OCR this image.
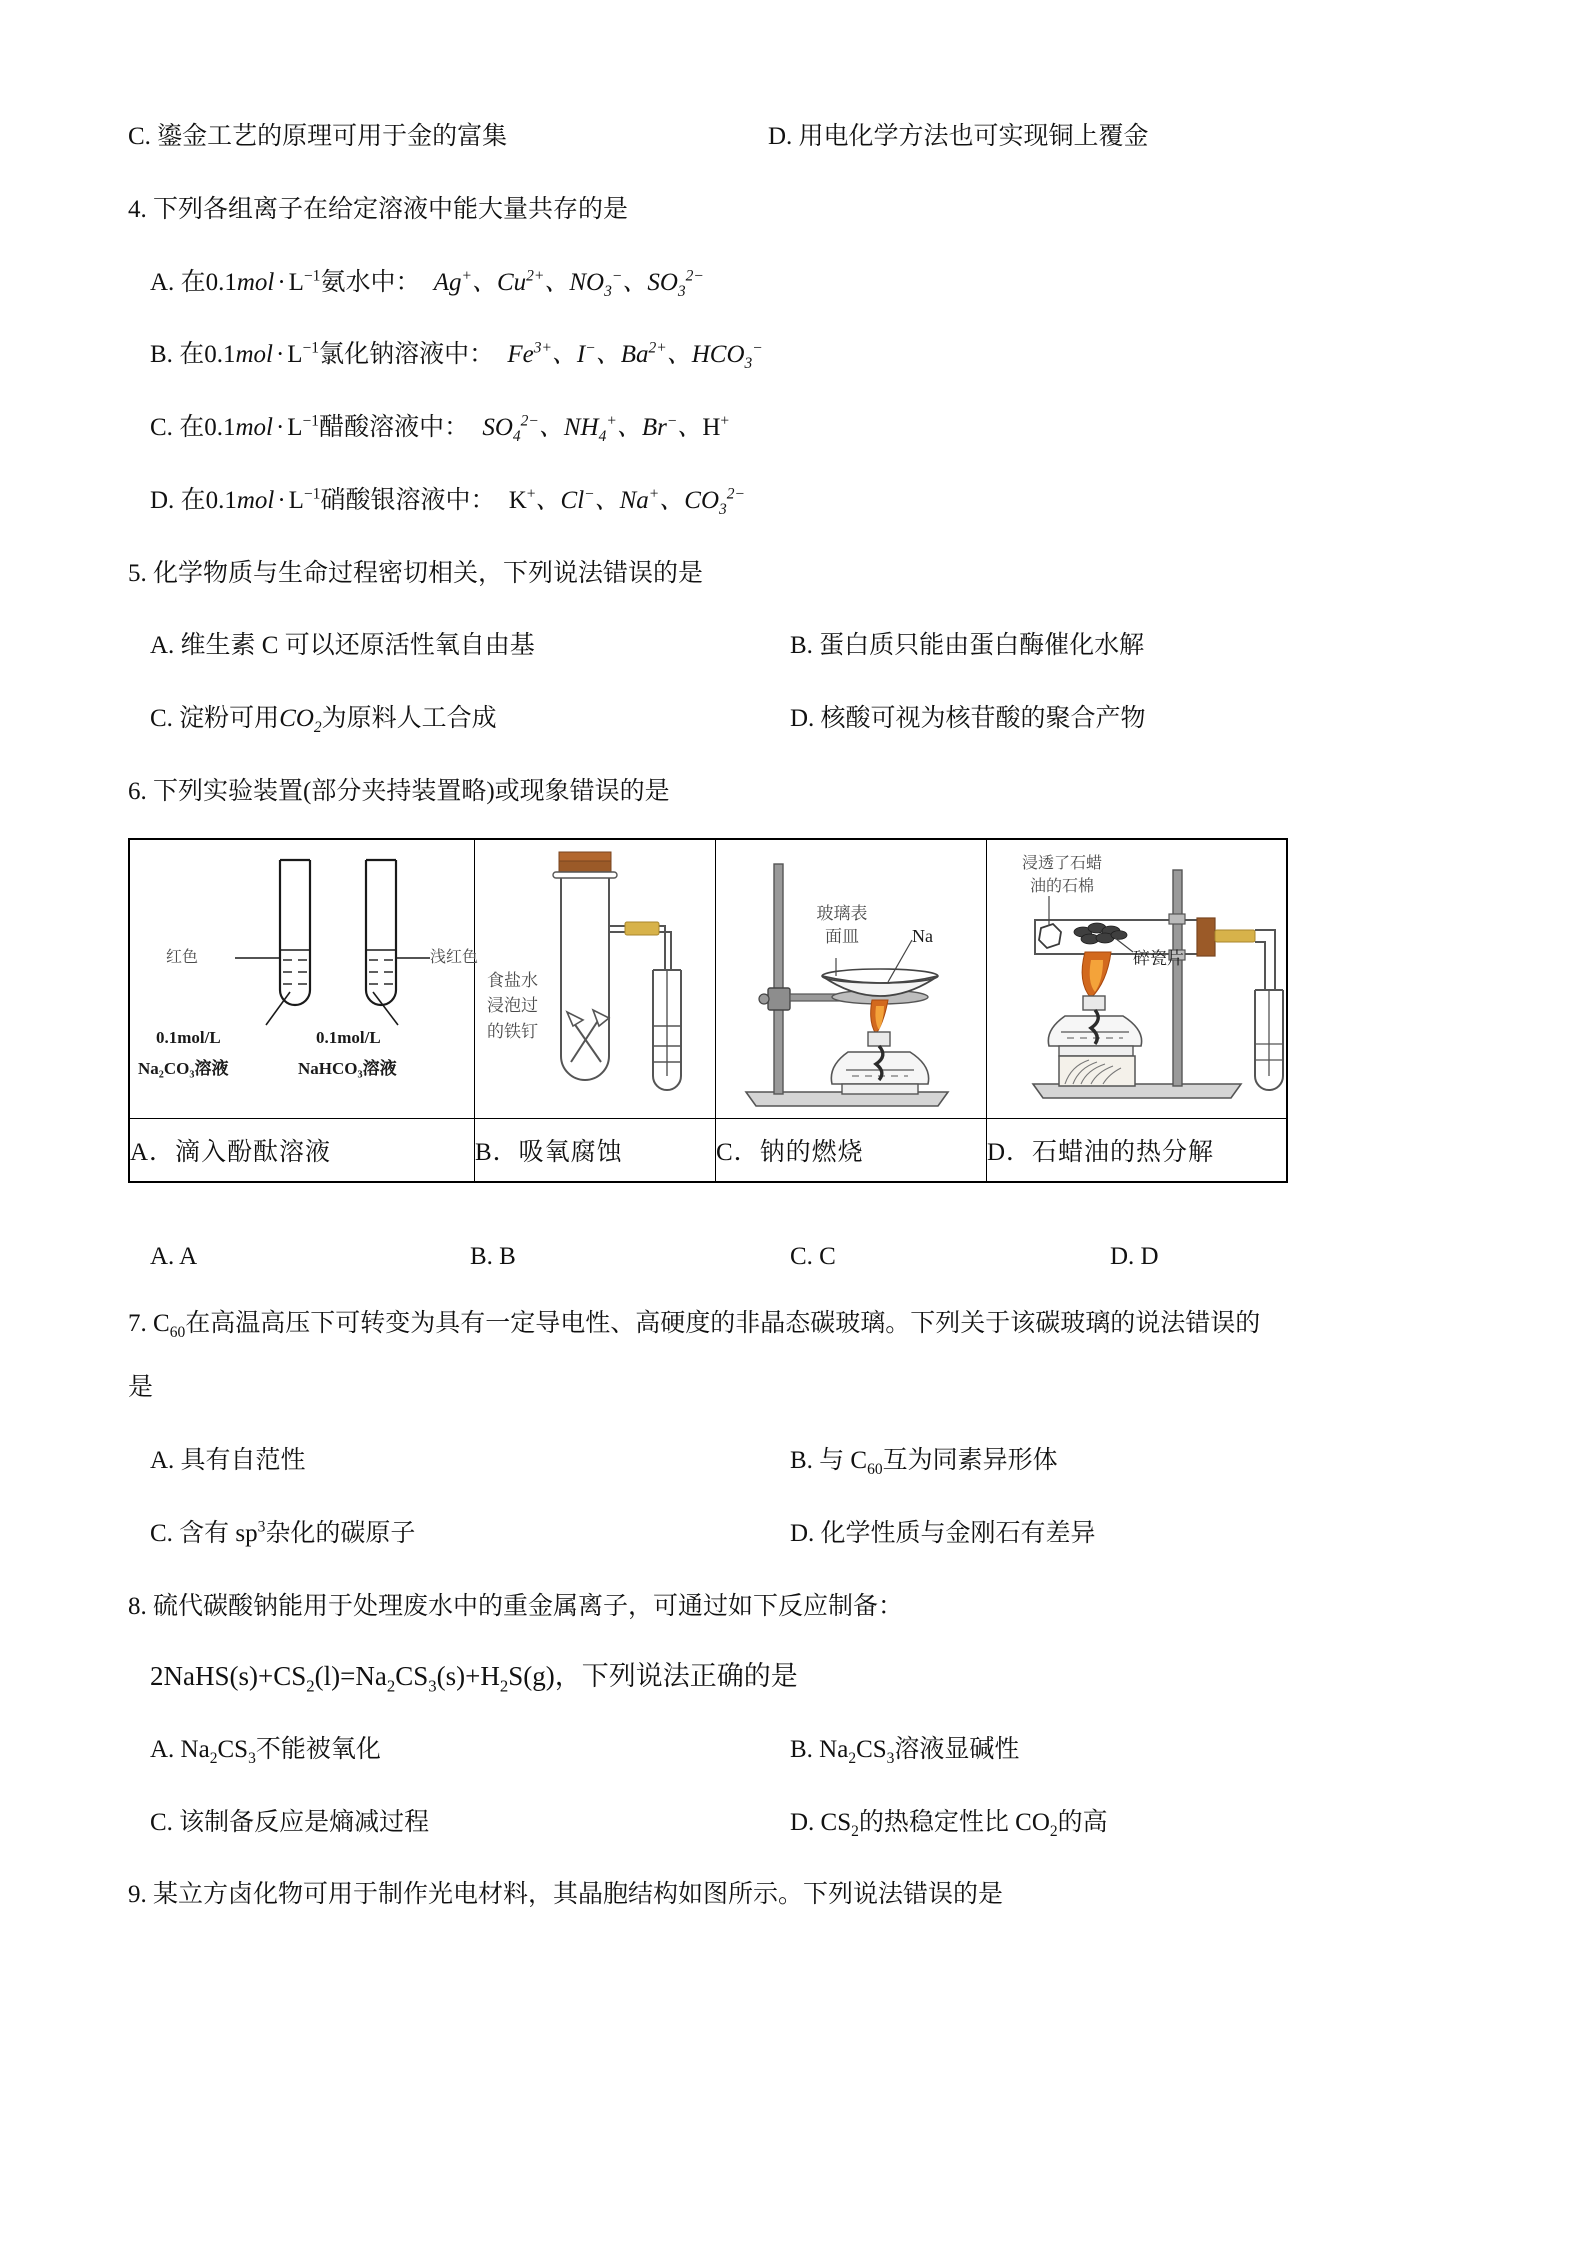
C. 鎏金工艺的原理可用于金的富集	D. 用电化学方法也可实现铜上覆金
4. 下列各组离子在给定溶液中能大量共存的是
A. 在$0.1mol \cdot L^{-1}$氨水中： Ag+、$Cu^{2+}$、$NO_3^-$、$SO_3^{2-}$
B. 在$0.1mol \cdot L^{-1}$氯化钠溶液中： $Fe^{3+}$、I−、$Ba^{2+}$、$HCO_3^-$
C. 在$0.1mol \cdot L^{-1}$醋酸溶液中： $SO_4^{2-}$、$NH_4^+$、Br−、H+
D. 在$0.1mol \cdot L^{-1}$硝酸银溶液中： K+、Cl−、Na+、$CO_3^{2-}$
5. 化学物质与生命过程密切相关，下列说法错误的是
A. 维生素 C 可以还原活性氧自由基	B. 蛋白质只能由蛋白酶催化水解
C. 淀粉可用$CO_2$为原料人工合成	D. 核酸可视为核苷酸的聚合产物
6. 下列实验装置(部分夹持装置略)或现象错误的是
红色	浅红色
0.1mol/L
Na₂CO₃溶液
0.1mol/L
NaHCO₃溶液

食盐水
浸泡过
的铁钉

玻璃表
面皿	Na

浸透了石蜡
油的石棉
碎瓷片

A．滴入酚酞溶液	B．吸氧腐蚀	C．钠的燃烧	D．石蜡油的热分解
A. A	B. B	C. C	D. D
7. $C_{60}$在高温高压下可转变为具有一定导电性、高硬度的非晶态碳玻璃。下列关于该碳玻璃的说法错误的
是
A. 具有自范性	B. 与 $C_{60}$互为同素异形体
C. 含有 $sp^3$杂化的碳原子	D. 化学性质与金刚石有差异
8. 硫代碳酸钠能用于处理废水中的重金属离子，可通过如下反应制备：
$2NaHS(s)+CS_2(l)=Na_2CS_3(s)+H_2S(g)$，下列说法正确的是
A. $Na_2CS_3$不能被氧化	B. $Na_2CS_3$溶液显碱性
C. 该制备反应是熵减过程	D. $CS_2$的热稳定性比 $CO_2$的高
9. 某立方卤化物可用于制作光电材料，其晶胞结构如图所示。下列说法错误的是
